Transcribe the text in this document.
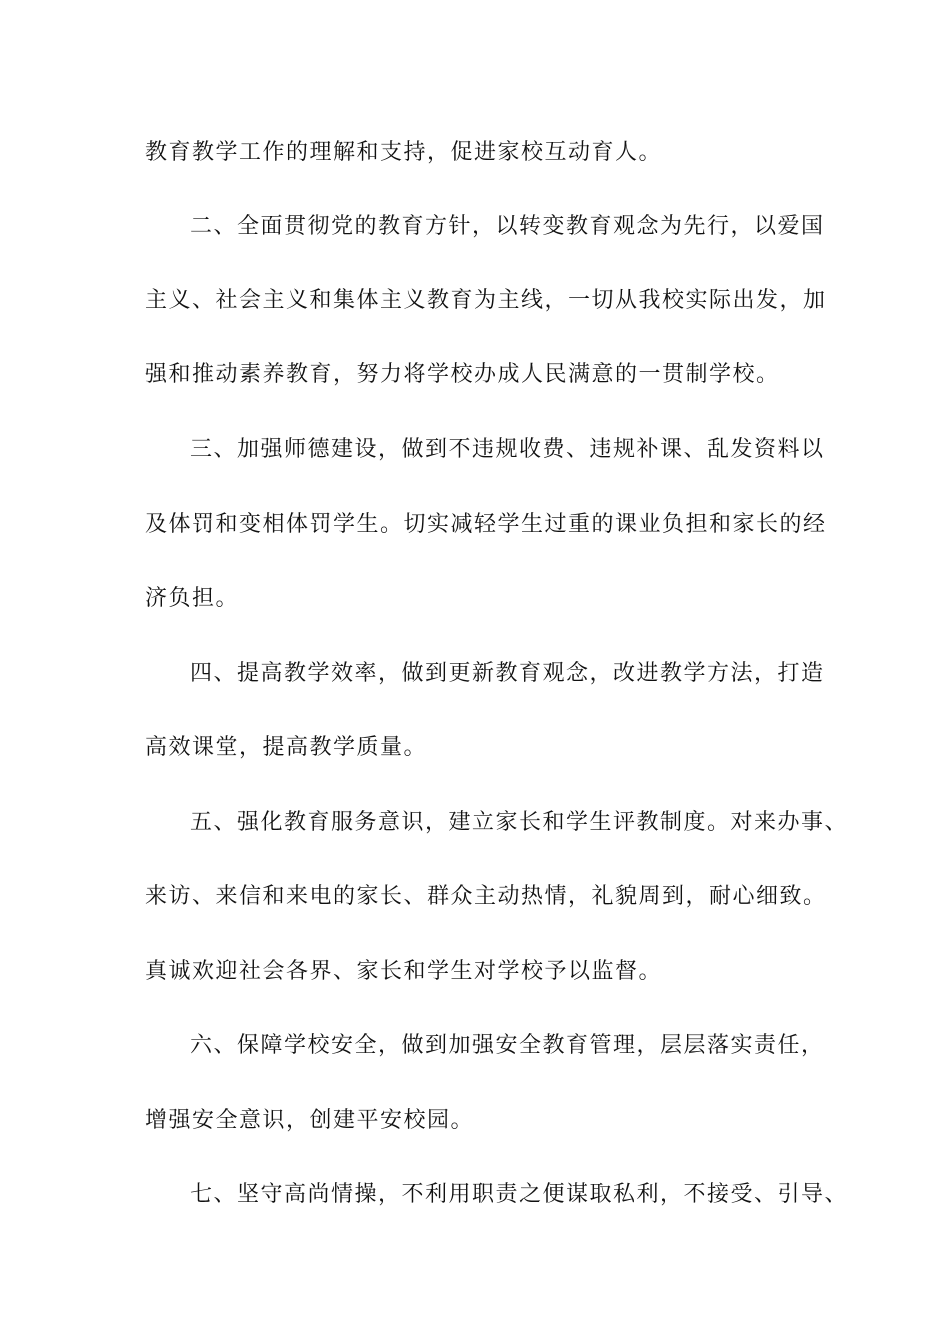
教育教学工作的理解和支持，促进家校互动育人。
二、全面贯彻党的教育方针，以转变教育观念为先行，以爱国
主义、社会主义和集体主义教育为主线，一切从我校实际出发，加
强和推动素养教育，努力将学校办成人民满意的一贯制学校。
三、加强师德建设，做到不违规收费、违规补课、乱发资料以
及体罚和变相体罚学生。切实减轻学生过重的课业负担和家长的经
济负担。
四、提高教学效率，做到更新教育观念，改进教学方法，打造
高效课堂，提高教学质量。
五、强化教育服务意识，建立家长和学生评教制度。对来办事、
来访、来信和来电的家长、群众主动热情，礼貌周到，耐心细致。
真诚欢迎社会各界、家长和学生对学校予以监督。
六、保障学校安全，做到加强安全教育管理，层层落实责任，
增强安全意识，创建平安校园。
七、坚守高尚情操，不利用职责之便谋取私利，不接受、引导、
